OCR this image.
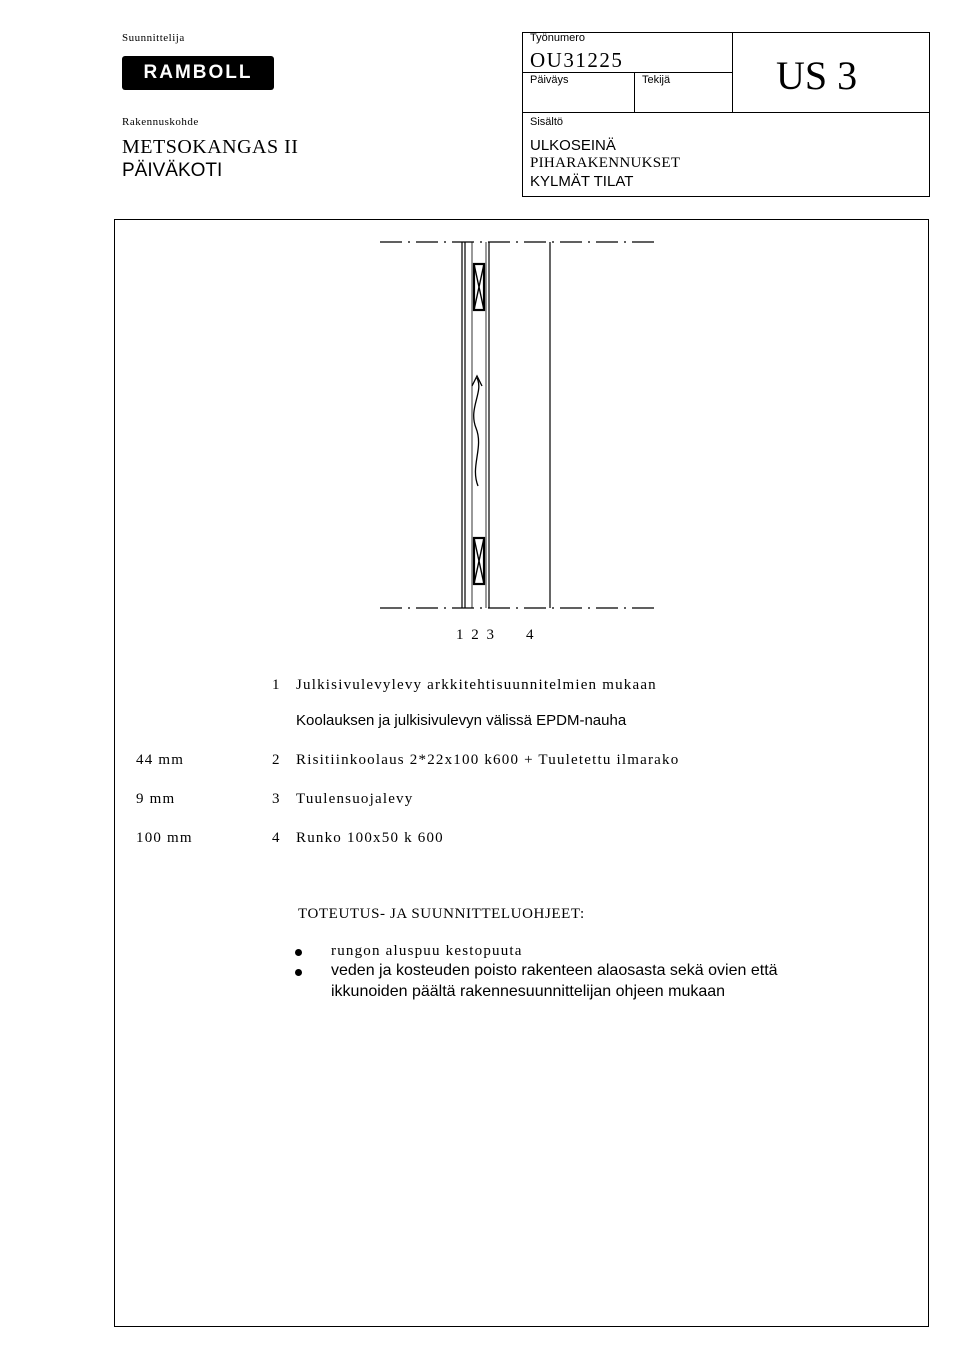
Suunnittelija
RAMBOLL
Työnumero
OU31225
Päiväys	Tekijä	US 3
Rakennuskohde
METSOKANGAS II
PÄIVÄKOTI
Sisältö
ULKOSEINÄ
PIHARAKENNUKSET
KYLMÄT TILAT
1 2 3 4
1 Julkisivulevylevy arkkitehtisuunnitelmien mukaan
Koolauksen ja julkisivulevyn välissä EPDM-nauha
44 mm	2 Risitiinkoolaus 2*22x100 k600 + Tuuletettu ilmarako
9 mm	3 Tuulensuojalevy
100 mm	4 Runko 100x50 k 600
TOTEUTUS- JA SUUNNITTELUOHJEET:
rungon aluspuu kestopuuta
veden ja kosteuden poisto rakenteen alaosasta sekä ovien että
ikkunoiden päältä rakennesuunnittelijan ohjeen mukaan
